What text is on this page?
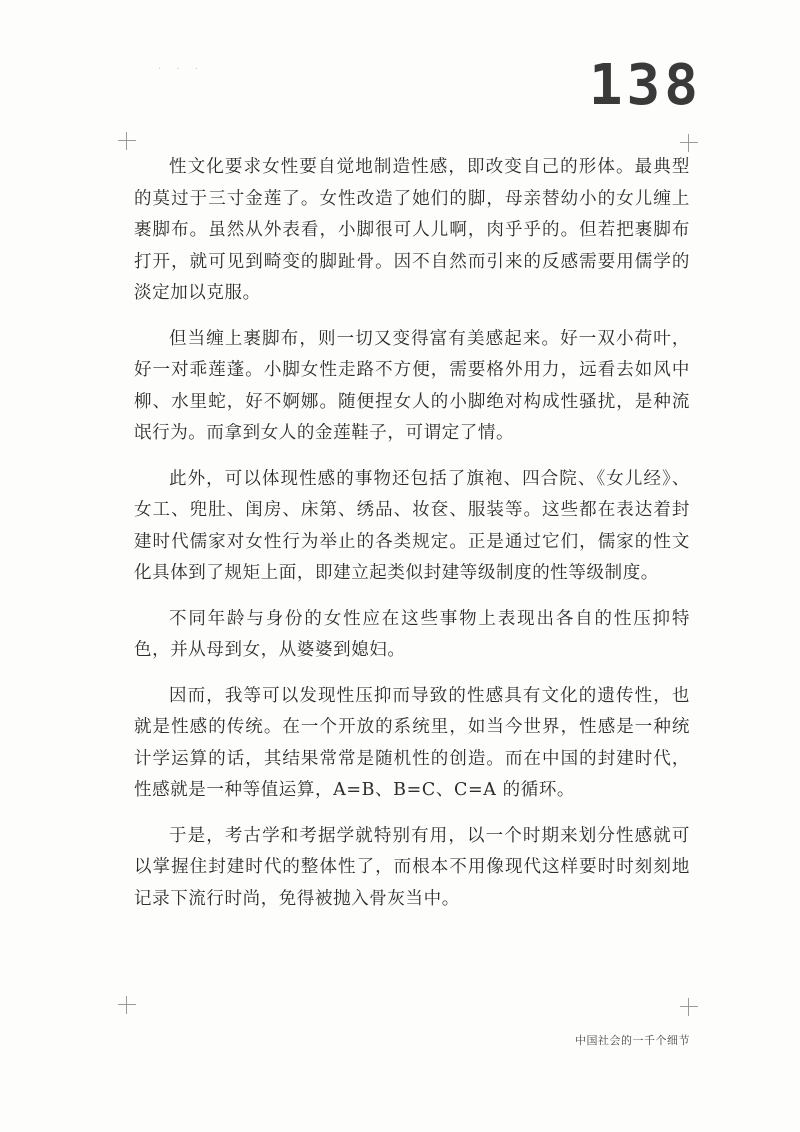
· · ·	138

性文化要求女性要自觉地制造性感，即改变自己的形体。最典型的莫过于三寸金莲了。女性改造了她们的脚，母亲替幼小的女儿缠上裹脚布。虽然从外表看，小脚很可人儿啊，肉乎乎的。但若把裹脚布打开，就可见到畸变的脚趾骨。因不自然而引来的反感需要用儒学的淡定加以克服。

但当缠上裹脚布，则一切又变得富有美感起来。好一双小荷叶，好一对乖莲蓬。小脚女性走路不方便，需要格外用力，远看去如风中柳、水里蛇，好不婀娜。随便捏女人的小脚绝对构成性骚扰，是种流氓行为。而拿到女人的金莲鞋子，可谓定了情。

此外，可以体现性感的事物还包括了旗袍、四合院、《女儿经》、女工、兜肚、闺房、床第、绣品、妆奁、服装等。这些都在表达着封建时代儒家对女性行为举止的各类规定。正是通过它们，儒家的性文化具体到了规矩上面，即建立起类似封建等级制度的性等级制度。

不同年龄与身份的女性应在这些事物上表现出各自的性压抑特色，并从母到女，从婆婆到媳妇。

因而，我等可以发现性压抑而导致的性感具有文化的遗传性，也就是性感的传统。在一个开放的系统里，如当今世界，性感是一种统计学运算的话，其结果常常是随机性的创造。而在中国的封建时代，性感就是一种等值运算，A=B、B=C、C=A 的循环。

于是，考古学和考据学就特别有用，以一个时期来划分性感就可以掌握住封建时代的整体性了，而根本不用像现代这样要时时刻刻地记录下流行时尚，免得被抛入骨灰当中。

中国社会的一千个细节
